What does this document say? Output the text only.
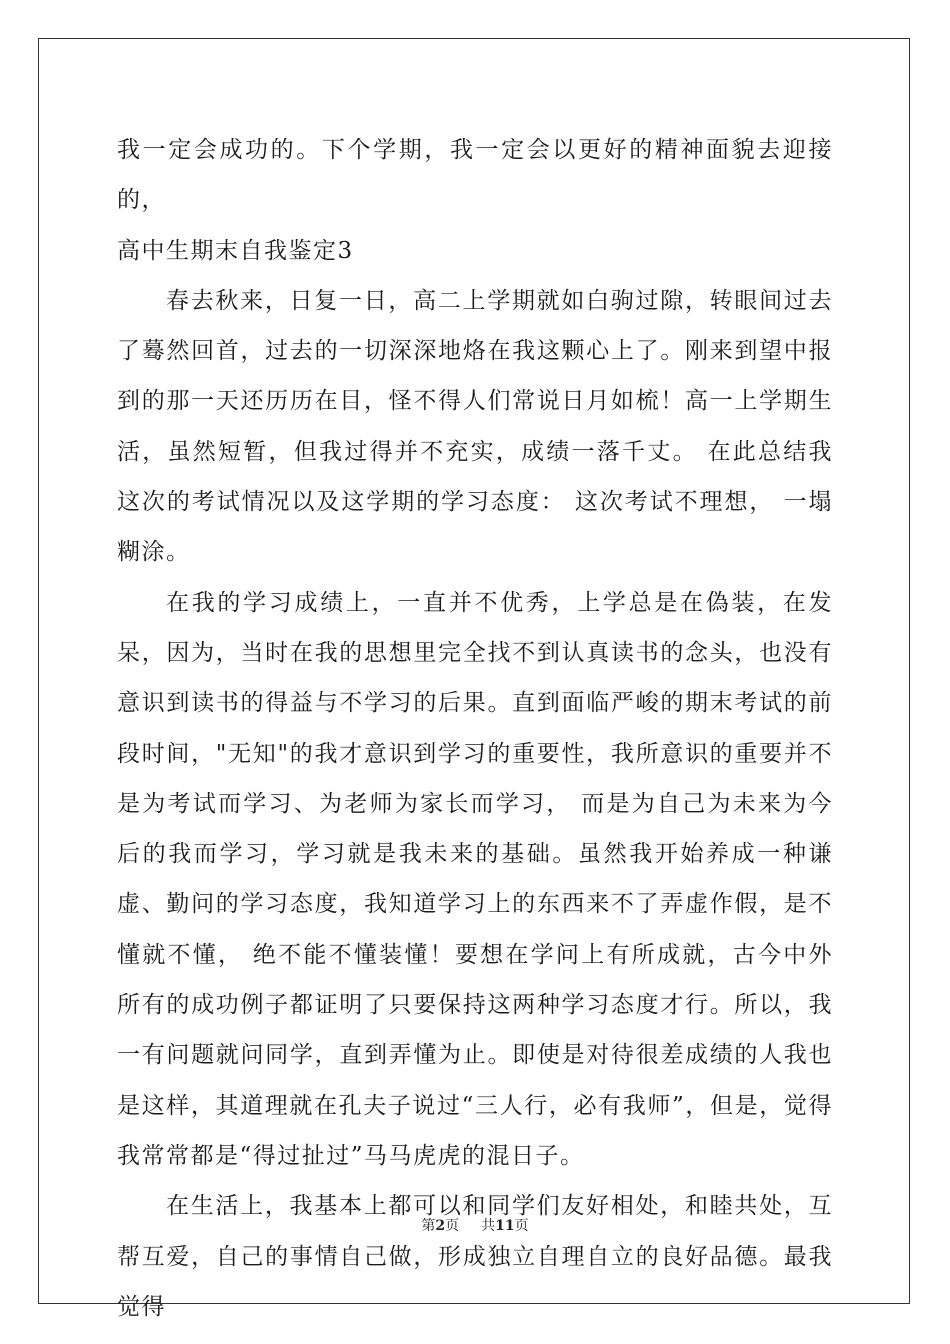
我一定会成功的。下个学期，我一定会以更好的精神面貌去迎接的，

高中生期末自我鉴定3

春去秋来，日复一日，高二上学期就如白驹过隙，转眼间过去了蓦然回首，过去的一切深深地烙在我这颗心上了。刚来到望中报到的那一天还历历在目，怪不得人们常说日月如梳！高一上学期生活，虽然短暂，但我过得并不充实，成绩一落千丈。 在此总结我这次的考试情况以及这学期的学习态度： 这次考试不理想， 一塌糊涂。

在我的学习成绩上，一直并不优秀，上学总是在偽装，在发呆，因为，当时在我的思想里完全找不到认真读书的念头，也没有意识到读书的得益与不学习的后果。直到面临严峻的期末考试的前段时间，"无知"的我才意识到学习的重要性，我所意识的重要并不是为考试而学习、为老师为家长而学习， 而是为自己为未来为今后的我而学习，学习就是我未来的基础。虽然我开始养成一种谦虚、勤问的学习态度，我知道学习上的东西来不了弄虚作假，是不懂就不懂， 绝不能不懂装懂！要想在学问上有所成就，古今中外所有的成功例子都证明了只要保持这两种学习态度才行。所以，我一有问题就问同学，直到弄懂为止。即使是对待很差成绩的人我也是这样，其道理就在孔夫子说过“三人行，必有我师”，但是，觉得我常常都是“得过扯过”马马虎虎的混日子。

在生活上，我基本上都可以和同学们友好相处，和睦共处，互帮互爱，自己的事情自己做，形成独立自理自立的良好品德。最我觉得

第2页 共11页
